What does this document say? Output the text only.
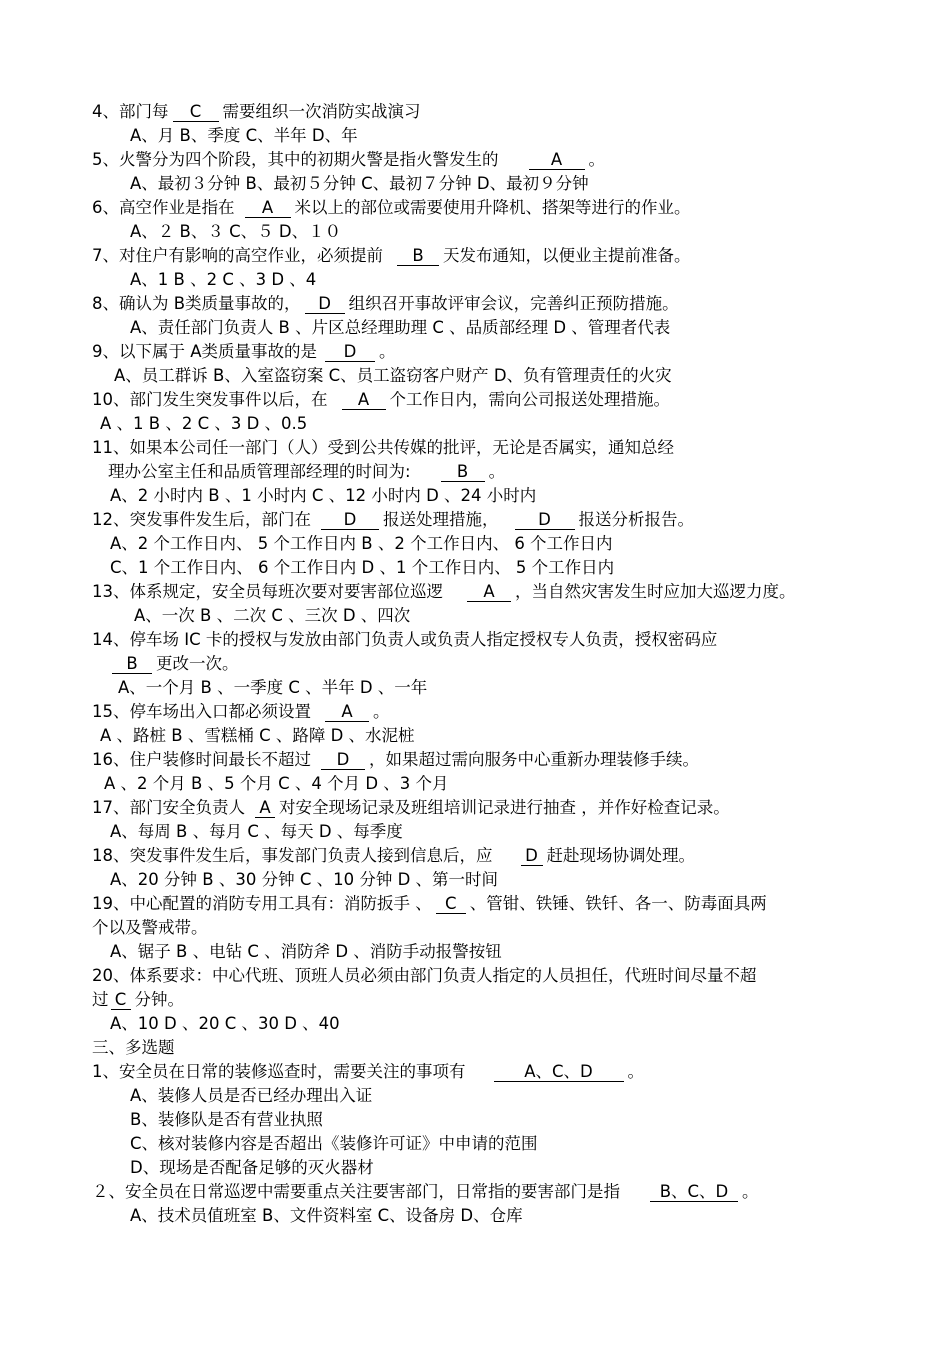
4、部门每 C 需要组织一次消防实战演习
A、月 B、季度 C、半年 D、年
5、火警分为四个阶段，其中的初期火警是指火警发生的	A 。
A、最初３分钟 B、最初５分钟 C、最初７分钟 D、最初９分钟
6、高空作业是指在 A 米以上的部位或需要使用升降机、搭架等进行的作业。
A、２ B、３ C、５ D、１０
7、对住户有影响的高空作业，必须提前 B 天发布通知，以便业主提前准备。
A、1 B 、2 C 、3 D 、4
8、确认为 B类质量事故的， D 组织召开事故评审会议，完善纠正预防措施。
A、责任部门负责人 B 、片区总经理助理 C 、品质部经理 D 、管理者代表
9、以下属于 A类质量事故的是 D 。
A、员工群诉 B、入室盗窃案 C、员工盗窃客户财产 D、负有管理责任的火灾
10、部门发生突发事件以后，在 A 个工作日内，需向公司报送处理措施。
A 、1 B 、2 C 、3 D 、0.5
11、如果本公司任一部门（人）受到公共传媒的批评，无论是否属实，通知总经
理办公室主任和品质管理部经理的时间为:	B 。
A、2 小时内 B 、1 小时内 C 、12 小时内 D 、24 小时内
12、突发事件发生后，部门在 D 报送处理措施， D 报送分析报告。
A、2 个工作日内、 5 个工作日内 B 、2 个工作日内、 6 个工作日内
C、1 个工作日内、 6 个工作日内 D 、1 个工作日内、 5 个工作日内
13、体系规定，安全员每班次要对要害部位巡逻 A ，当自然灾害发生时应加大巡逻力度。
A、一次 B 、二次 C 、三次 D 、四次
14、停车场 IC 卡的授权与发放由部门负责人或负责人指定授权专人负责，授权密码应
B 更改一次。
A、一个月 B 、一季度 C 、半年 D 、一年
15、停车场出入口都必须设置 A 。
A 、路桩 B 、雪糕桶 C 、路障 D 、水泥桩
16、住户装修时间最长不超过 D ，如果超过需向服务中心重新办理装修手续。
A 、2 个月 B 、5 个月 C 、4 个月 D 、3 个月
17、部门安全负责人 A 对安全现场记录及班组培训记录进行抽查 ，并作好检查记录。
A、每周 B 、每月 C 、每天 D 、每季度
18、突发事件发生后，事发部门负责人接到信息后，应 D 赶赴现场协调处理。
A、20 分钟 B 、30 分钟 C 、10 分钟 D 、第一时间
19、中心配置的消防专用工具有：消防扳手 、 C 、管钳、铁锤、铁钎、各一、防毒面具两
个以及警戒带。
A、锯子 B 、电钻 C 、消防斧 D 、消防手动报警按钮
20、体系要求：中心代班、顶班人员必须由部门负责人指定的人员担任，代班时间尽量不超
过 C 分钟。
A、10 D 、20 C 、30 D 、40
三、多选题
1、安全员在日常的装修巡查时，需要关注的事项有	A、C、D 。
A、装修人员是否已经办理出入证
B、装修队是否有营业执照
C、核对装修内容是否超出《装修许可证》中申请的范围
D、现场是否配备足够的灭火器材
２、安全员在日常巡逻中需要重点关注要害部门，日常指的要害部门是指 B、C、D 。
A、技术员值班室 B、文件资料室 C、设备房 D、仓库
